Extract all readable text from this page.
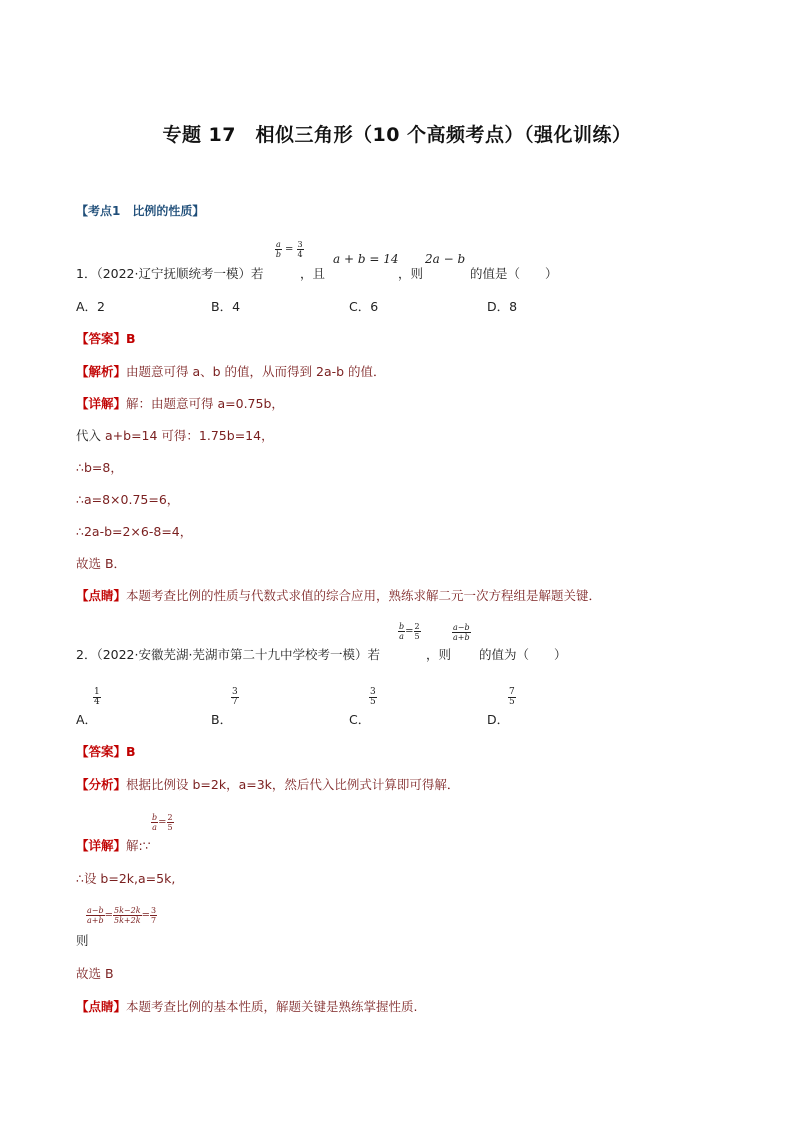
专题 17　相似三角形（10 个高频考点）（强化训练）
【考点1　比例的性质】
1．（2022·辽宁抚顺统考一模）若
$\frac{a}{b} = \frac{3}{4}$
，且
a + b = 14
，则
2a − b
的值是（　　）
A．2	B．4	C．6	D．8
【答案】B
【解析】由题意可得 a、b 的值，从而得到 2a-b 的值．
【详解】解：由题意可得 a=0.75b，
代入 a+b=14 可得：1.75b=14，
∴b=8，
∴a=8×0.75=6，
∴2a-b=2×6-8=4，
故选 B．
【点睛】本题考查比例的性质与代数式求值的综合应用，熟练求解二元一次方程组是解题关键．
2．（2022·安徽芜湖·芜湖市第二十九中学校考一模）若
$\frac{b}{a} = \frac{2}{5}$
，则
$\frac{a-b}{a+b}$
的值为（　　）
A．
$\frac{1}{4}$
B．
$\frac{3}{7}$
C．
$\frac{3}{5}$
D．
$\frac{7}{5}$
【答案】B
【分析】根据比例设 b=2k，a=3k，然后代入比例式计算即可得解．
【详解】解:∵
$\frac{b}{a} = \frac{2}{5}$
∴设 b=2k,a=5k,
则
$\frac{a-b}{a+b} = \frac{5k-2k}{5k+2k} = \frac{3}{7}$
故选 B
【点睛】本题考查比例的基本性质，解题关键是熟练掌握性质.
